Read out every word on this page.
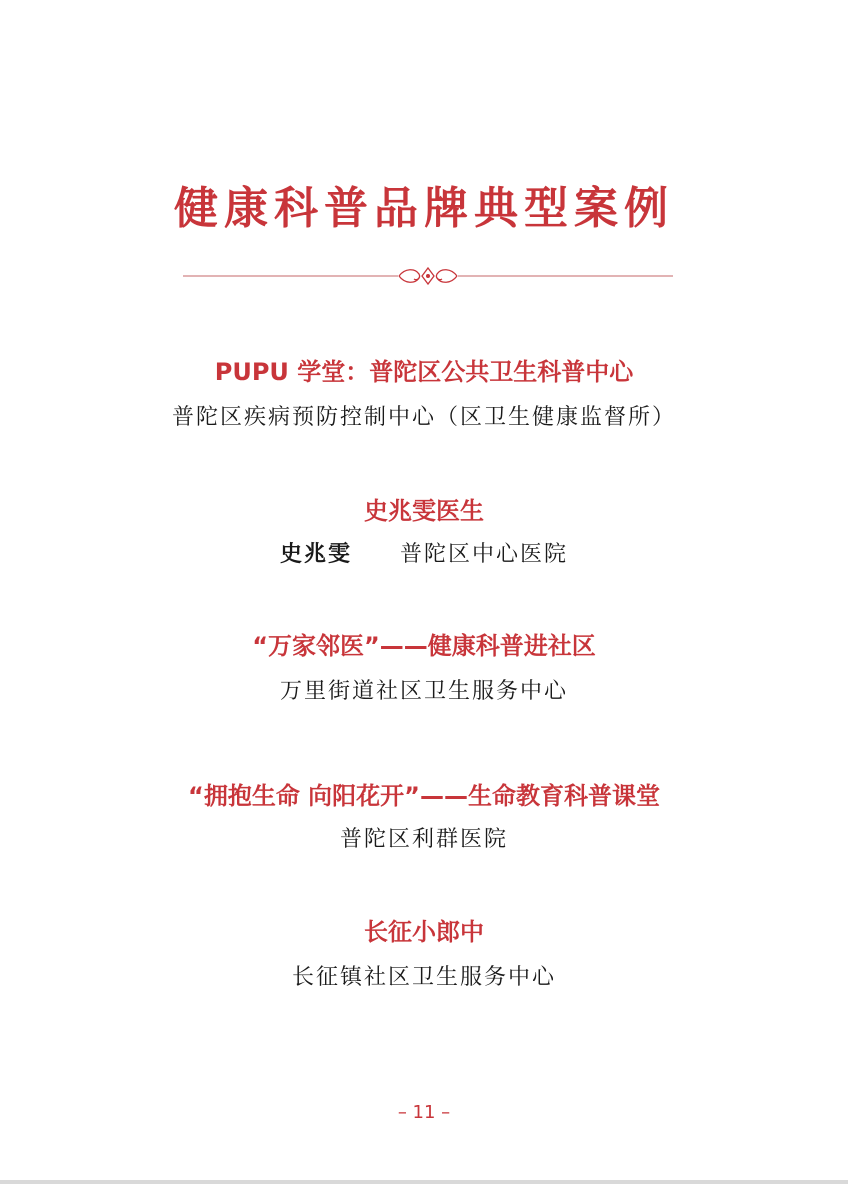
健康科普品牌典型案例
PUPU 学堂：普陀区公共卫生科普中心
普陀区疾病预防控制中心（区卫生健康监督所）
史兆雯医生
史兆雯 普陀区中心医院
“万家邻医”——健康科普进社区
万里街道社区卫生服务中心
“拥抱生命 向阳花开”——生命教育科普课堂
普陀区利群医院
长征小郎中
长征镇社区卫生服务中心
– 11 –
